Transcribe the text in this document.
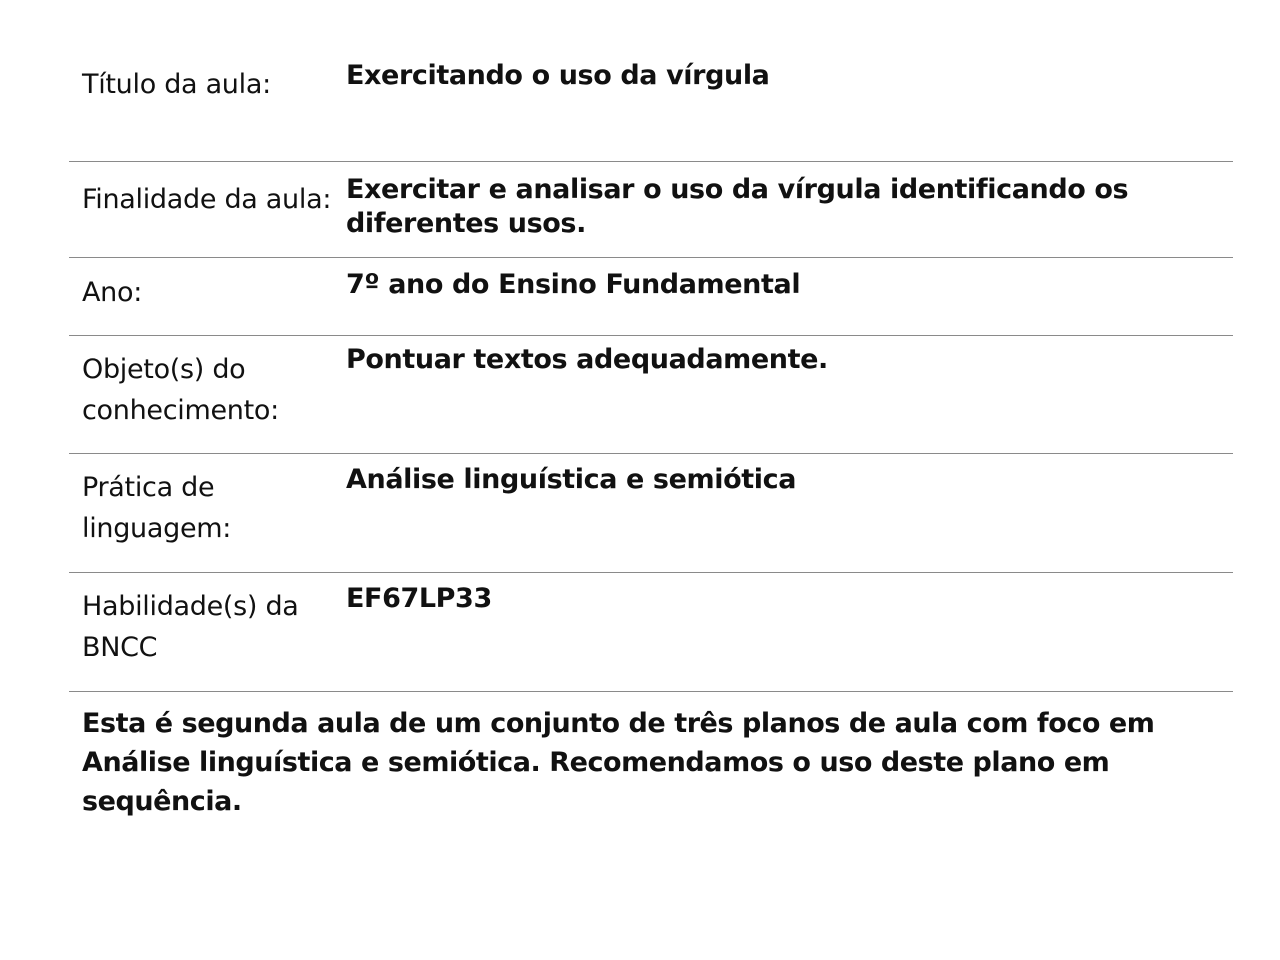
Título da aula:	Exercitando o uso da vírgula
Finalidade da aula: Exercitar e analisar o uso da vírgula identificando os diferentes usos.
Ano:	7º ano do Ensino Fundamental
Objeto(s) do conhecimento:
Pontuar textos adequadamente.
Prática de linguagem:
Análise linguística e semiótica
Habilidade(s) da BNCC
EF67LP33
Esta é segunda aula de um conjunto de três planos de aula com foco em Análise linguística e semiótica. Recomendamos o uso deste plano em sequência.
